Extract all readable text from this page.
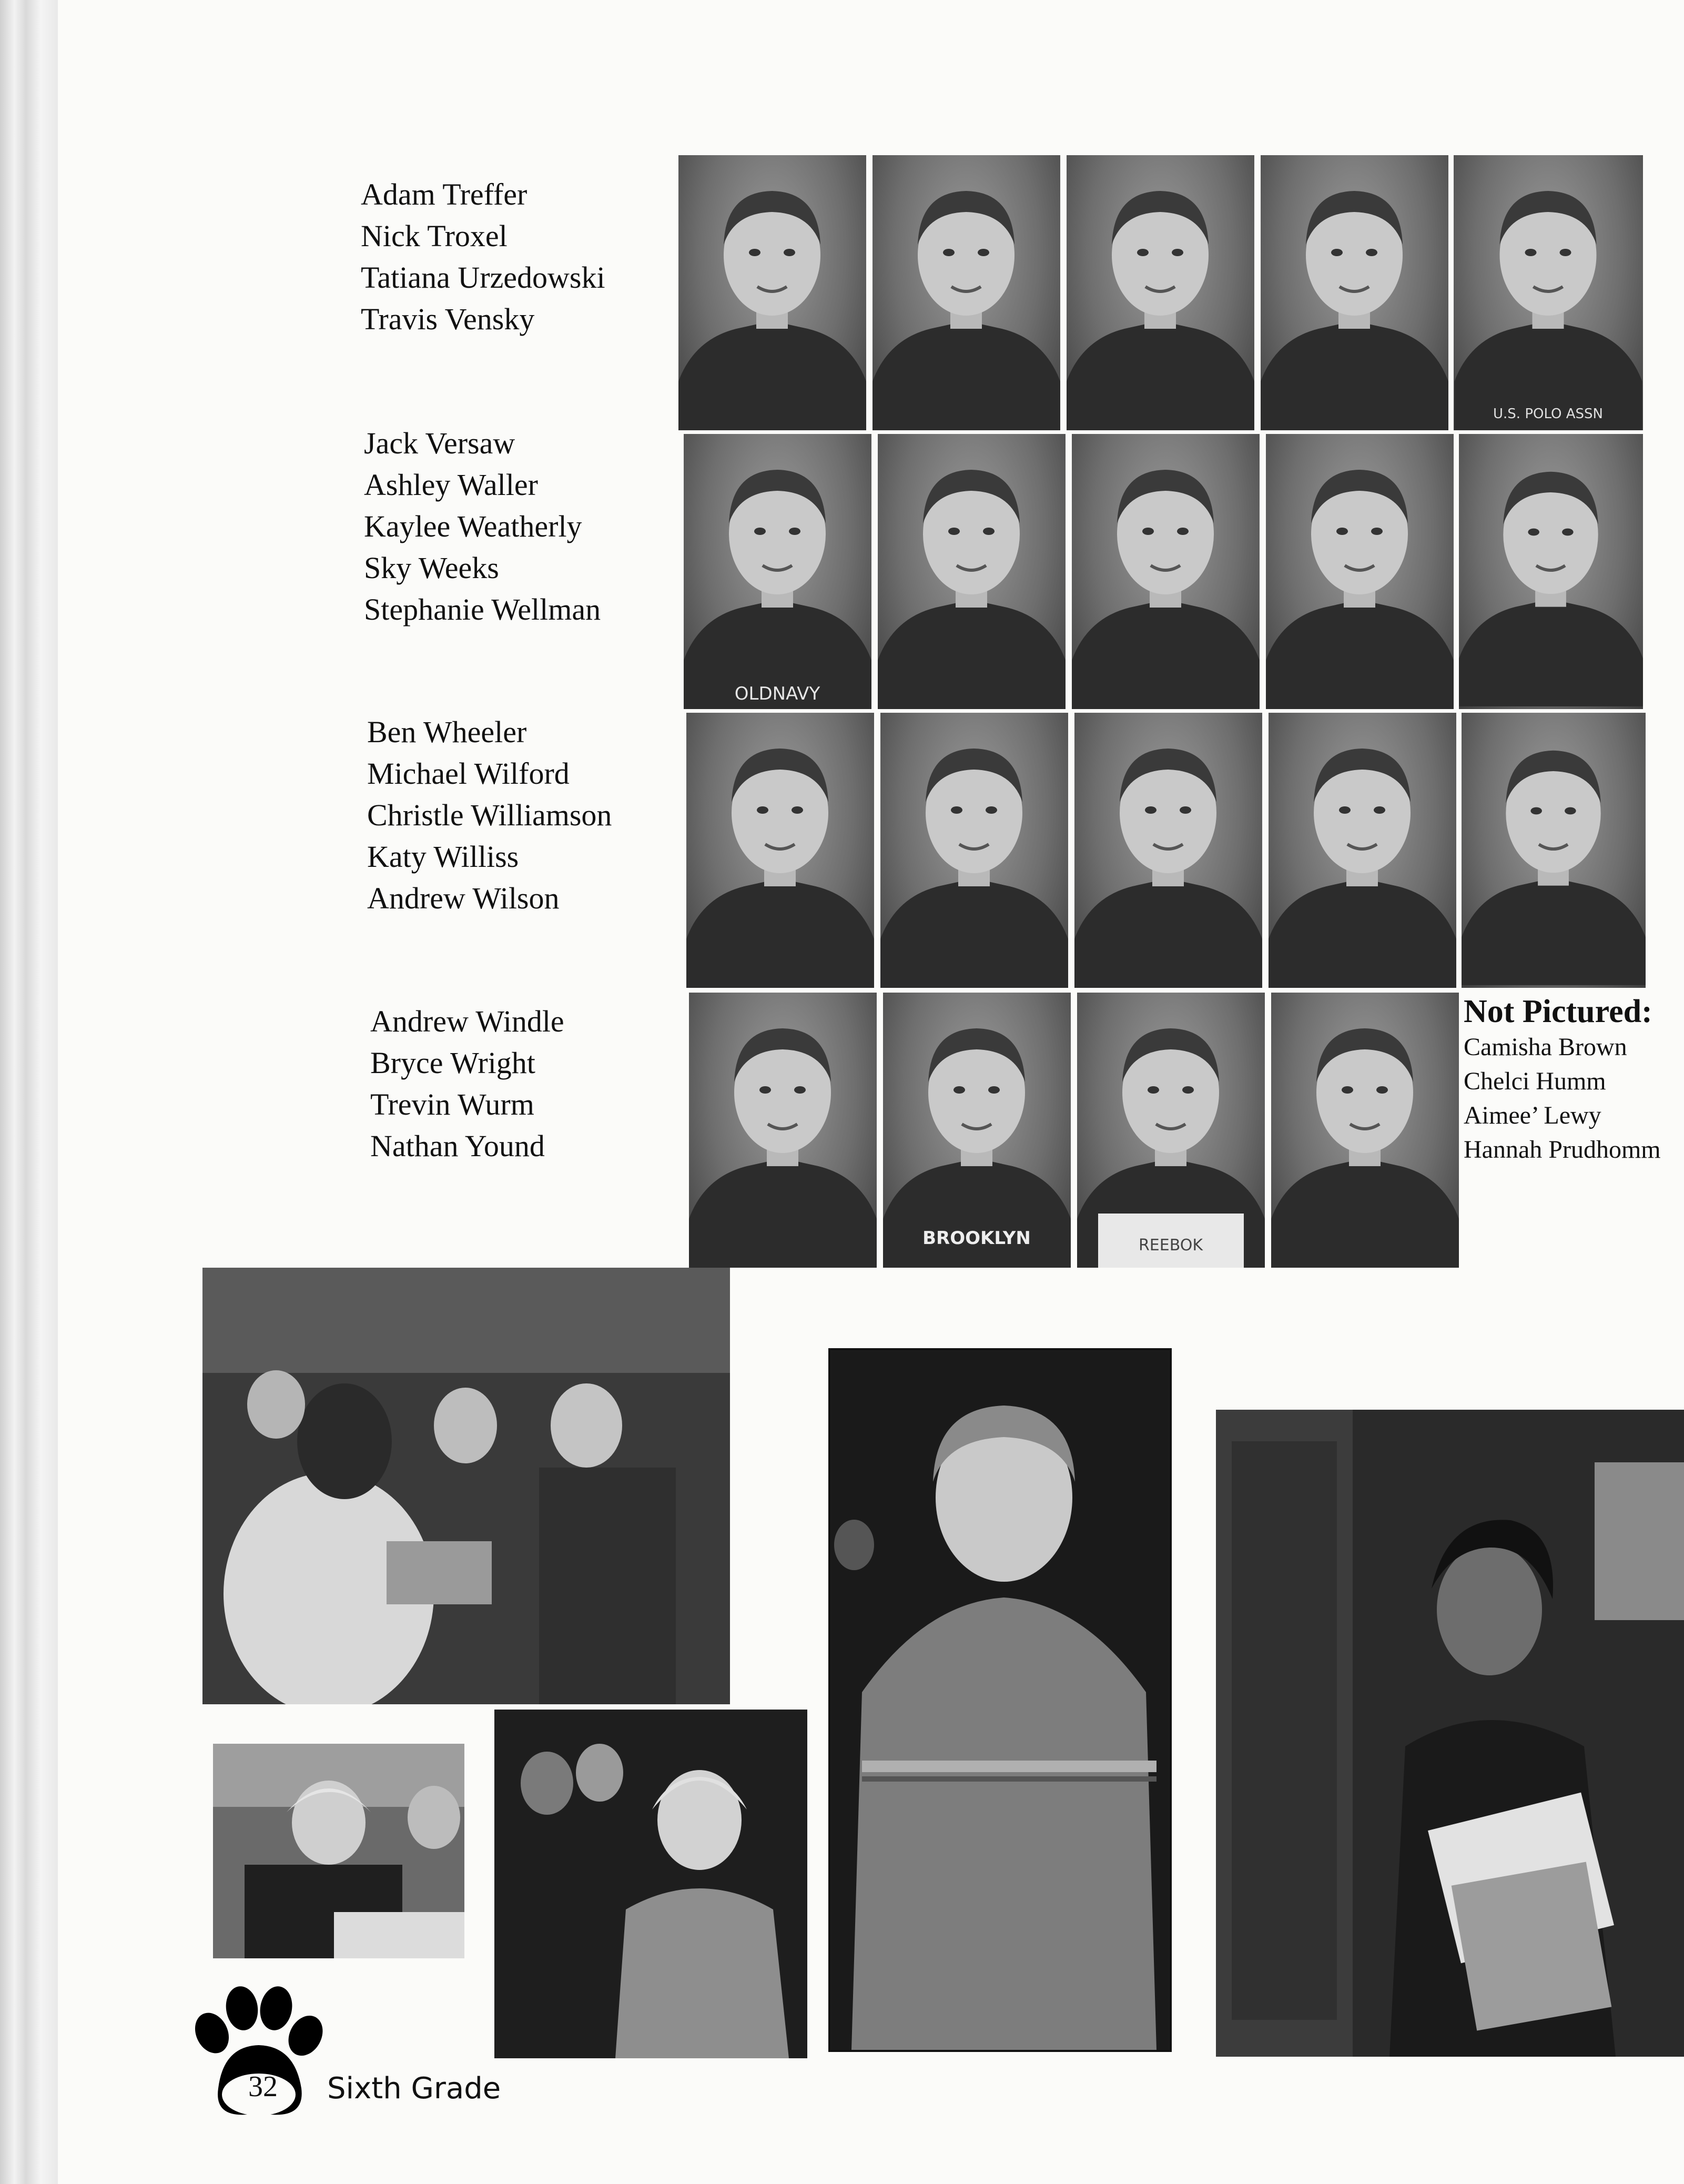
Adam Treffer
Nick Troxel
Tatiana Urzedowski
Travis Vensky
Jack Versaw
Ashley Waller
Kaylee Weatherly
Sky Weeks
Stephanie Wellman
Ben Wheeler
Michael Wilford
Christle Williamson
Katy Williss
Andrew Wilson
Andrew Windle
Bryce Wright
Trevin Wurm
Nathan Yound
U.S. POLO ASSN
OLDNAVY
BROOKLYN	REEBOK
Not Pictured:
Camisha Brown
Chelci Humm
Aimee’ Lewy
Hannah Prudhomm
32 Sixth Grade
